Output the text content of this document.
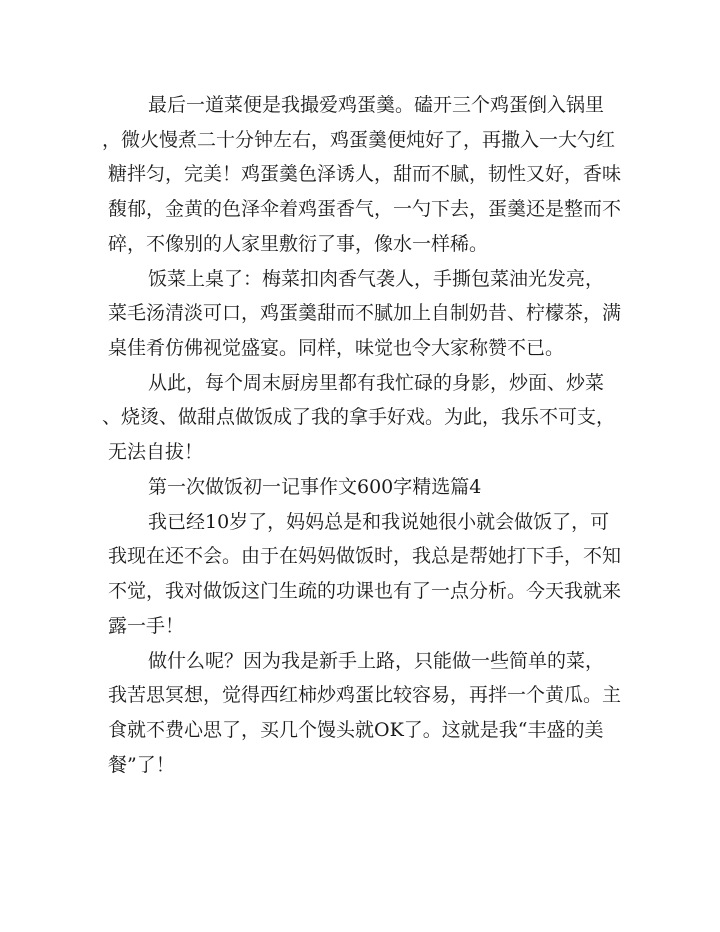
最后一道菜便是我撮爱鸡蛋羹。磕开三个鸡蛋倒入锅里

，微火慢煮二十分钟左右，鸡蛋羹便炖好了，再撒入一大勺红

糖拌匀，完美！鸡蛋羹色泽诱人，甜而不腻，韧性又好，香味

馥郁，金黄的色泽伞着鸡蛋香气，一勺下去，蛋羹还是整而不

碎，不像别的人家里敷衍了事，像水一样稀。

饭菜上桌了：梅菜扣肉香气袭人，手撕包菜油光发亮，

菜毛汤清淡可口，鸡蛋羹甜而不腻加上自制奶昔、柠檬茶，满

桌佳肴仿佛视觉盛宴。同样，味觉也令大家称赞不已。

从此，每个周末厨房里都有我忙碌的身影，炒面、炒菜

、烧烫、做甜点做饭成了我的拿手好戏。为此，我乐不可支，

无法自拔！

第一次做饭初一记事作文600字精选篇4

我已经10岁了，妈妈总是和我说她很小就会做饭了，可

我现在还不会。由于在妈妈做饭时，我总是帮她打下手，不知

不觉，我对做饭这门生疏的功课也有了一点分析。今天我就来

露一手！

做什么呢？因为我是新手上路，只能做一些简单的菜，

我苦思冥想，觉得西红柿炒鸡蛋比较容易，再拌一个黄瓜。主

食就不费心思了，买几个馒头就OK了。这就是我“丰盛的美

餐”了！
